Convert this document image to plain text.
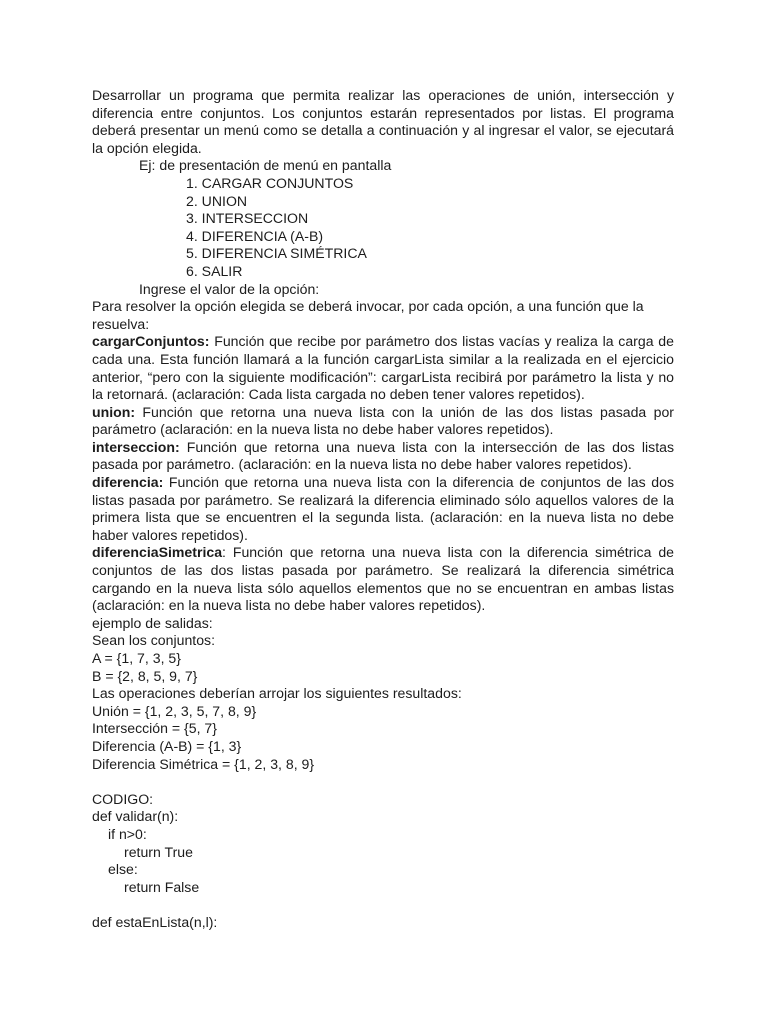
Desarrollar un programa que permita realizar las operaciones de unión, intersección y diferencia entre conjuntos. Los conjuntos estarán representados por listas. El programa deberá presentar un menú como se detalla a continuación y al ingresar el valor, se ejecutará la opción elegida.

Ej: de presentación de menú en pantalla

1. CARGAR CONJUNTOS

2. UNION

3. INTERSECCION

4. DIFERENCIA (A-B)

5. DIFERENCIA SIMÉTRICA

6. SALIR

Ingrese el valor de la opción:

Para resolver la opción elegida se deberá invocar, por cada opción, a una función que la resuelva:

cargarConjuntos: Función que recibe por parámetro dos listas vacías y realiza la carga de cada una. Esta función llamará a la función cargarLista similar a la realizada en el ejercicio anterior, “pero con la siguiente modificación”: cargarLista recibirá por parámetro la lista y no la retornará. (aclaración: Cada lista cargada no deben tener valores repetidos).

union: Función que retorna una nueva lista con la unión de las dos listas pasada por parámetro (aclaración: en la nueva lista no debe haber valores repetidos).

interseccion: Función que retorna una nueva lista con la intersección de las dos listas pasada por parámetro. (aclaración: en la nueva lista no debe haber valores repetidos).

diferencia: Función que retorna una nueva lista con la diferencia de conjuntos de las dos listas pasada por parámetro. Se realizará la diferencia eliminado sólo aquellos valores de la primera lista que se encuentren el la segunda lista. (aclaración: en la nueva lista no debe haber valores repetidos).

diferenciaSimetrica: Función que retorna una nueva lista con la diferencia simétrica de conjuntos de las dos listas pasada por parámetro. Se realizará la diferencia simétrica cargando en la nueva lista sólo aquellos elementos que no se encuentran en ambas listas (aclaración: en la nueva lista no debe haber valores repetidos).

ejemplo de salidas:

Sean los conjuntos:

A = {1, 7, 3, 5}

B = {2, 8, 5, 9, 7}

Las operaciones deberían arrojar los siguientes resultados:

Unión = {1, 2, 3, 5, 7, 8, 9}

Intersección = {5, 7}

Diferencia (A-B) = {1, 3}

Diferencia Simétrica = {1, 2, 3, 8, 9}

CODIGO:

def validar(n):

if n>0:

return True

else:

return False

def estaEnLista(n,l):
